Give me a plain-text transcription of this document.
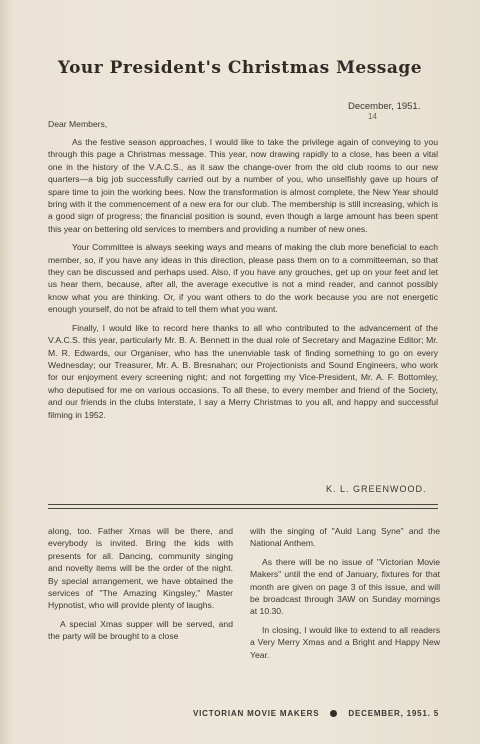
Your President's Christmas Message
December, 1951.
14
Dear Members,

As the festive season approaches, I would like to take the privilege again of conveying to you through this page a Christmas message. This year, now drawing rapidly to a close, has been a vital one in the history of the V.A.C.S., as it saw the change-over from the old club rooms to our new quarters—a big job successfully carried out by a number of you, who unselfishly gave up hours of spare time to join the working bees. Now the transformation is almost complete, the New Year should bring with it the commencement of a new era for our club. The membership is still increasing, which is a good sign of progress; the financial position is sound, even though a large amount has been spent this year on bettering old services to members and providing a number of new ones.

Your Committee is always seeking ways and means of making the club more beneficial to each member, so, if you have any ideas in this direction, please pass them on to a committeeman, so that they can be discussed and perhaps used. Also, if you have any grouches, get up on your feet and let us hear them, because, after all, the average executive is not a mind reader, and cannot possibly know what you are thinking. Or, if you want others to do the work because you are not energetic enough yourself, do not be afraid to tell them what you want.

Finally, I would like to record here thanks to all who contributed to the advancement of the V.A.C.S. this year, particularly Mr. B. A. Bennett in the dual role of Secretary and Magazine Editor; Mr. M. R. Edwards, our Organiser, who has the unenviable task of finding something to go on every Wednesday; our Treasurer, Mr. A. B. Bresnahan; our Projectionists and Sound Engineers, who work for our enjoyment every screening night; and not forgetting my Vice-President, Mr. A. F. Bottomley, who deputised for me on various occasions. To all these, to every member and friend of the Society, and our friends in the clubs Interstate, I say a Merry Christmas to you all, and happy and successful filming in 1952.

K. L. GREENWOOD.

along, too. Father Xmas will be there, and everybody is invited. Bring the kids with presents for all. Dancing, community singing and novelty items will be the order of the night. By special arrangement, we have obtained the services of "The Amazing Kingsley," Master Hypnotist, who will provide plenty of laughs.

A special Xmas supper will be served, and the party will be brought to a close

with the singing of "Auld Lang Syne" and the National Anthem.

As there will be no issue of "Victorian Movie Makers" until the end of January, fixtures for that month are given on page 3 of this issue, and will be broadcast through 3AW on Sunday mornings at 10.30.

In closing, I would like to extend to all readers a Very Merry Xmas and a Bright and Happy New Year.

VICTORIAN MOVIE MAKERS	DECEMBER, 1951. 5
